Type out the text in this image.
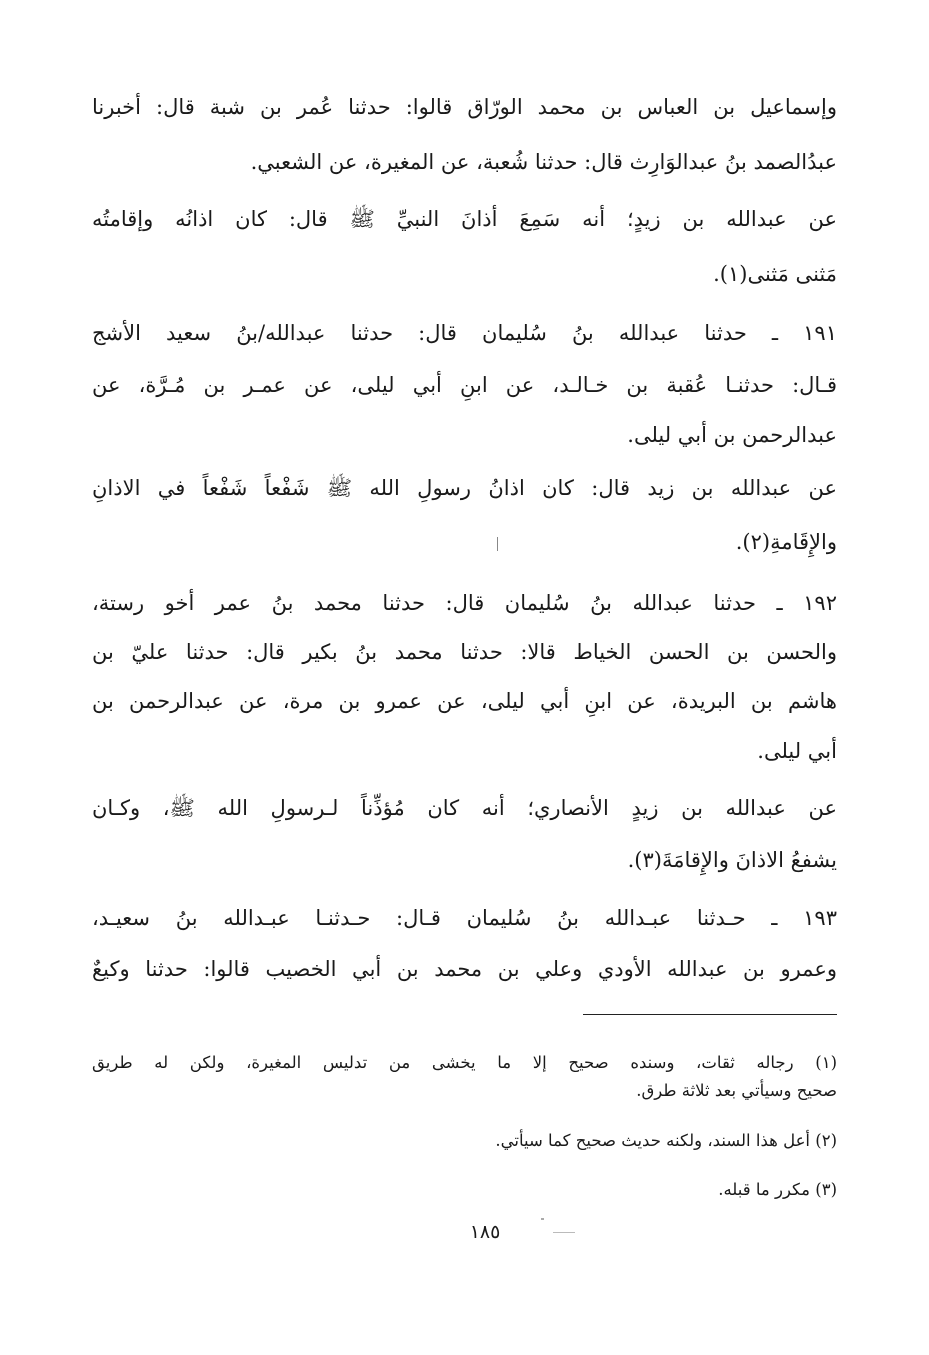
وإسماعيل بن العباس بن محمد الورّاق قالوا: حدثنا عُمر بن شبة قال: أخبرنا
عبدُالصمد بنُ عبدالوَارِث قال: حدثنا شُعبة، عن المغيرة، عن الشعبي.
عن عبدالله بن زيدٍ؛ أنه سَمِعَ أذانَ النبيِّ ﷺ قال: كان اذانُه وإقامتُه
مَثنى مَثنى(١).
١٩١ ـ حدثنا عبدالله بنُ سُليمان قال: حدثنا عبدالله/بنُ سعيد الأشج
قـال: حدثنـا عُقبة بن خـالـد، عن ابنِ أبي ليلى، عن عمـر بن مُـرَّة، عن
عبدالرحمن بن أبي ليلى.
عن عبدالله بن زيد قال: كان اذانُ رسولِ الله ﷺ شَفْعاً شَفْعاً في الاذانِ
والإِقَامةِ(٢).
١٩٢ ـ حدثنا عبدالله بنُ سُليمان قال: حدثنا محمد بنُ عمر أخو رستة،
والحسن بن الحسن الخياط قالا: حدثنا محمد بنُ بكير قال: حدثنا عليّ بن
هاشم بن البريدة، عن ابنِ أبي ليلى، عن عمرو بن مرة، عن عبدالرحمن بن
أبي ليلى.
عن عبدالله بن زيدٍ الأنصاري؛ أنه كان مُؤذِّناً لـرسولِ الله ﷺ، وكـان
يشفعُ الاذانَ والإِقامَةَ(٣).
١٩٣ ـ حـدثنا عبـدالله بنُ سُليمان قـال: حـدثنـا عبـدالله بنُ سعيـد،
وعمرو بن عبدالله الأودي وعلي بن محمد بن أبي الخصيب قالوا: حدثنا وكيعٌ
(١) رجاله ثقات، وسنده صحيح إلا ما يخشى من تدليس المغيرة، ولكن له طريق
صحيح وسيأتي بعد ثلاثة طرق.
(٢) أعل هذا السند، ولكنه حديث صحيح كما سيأتي.
(٣) مكرر ما قبله.
١٨٥
